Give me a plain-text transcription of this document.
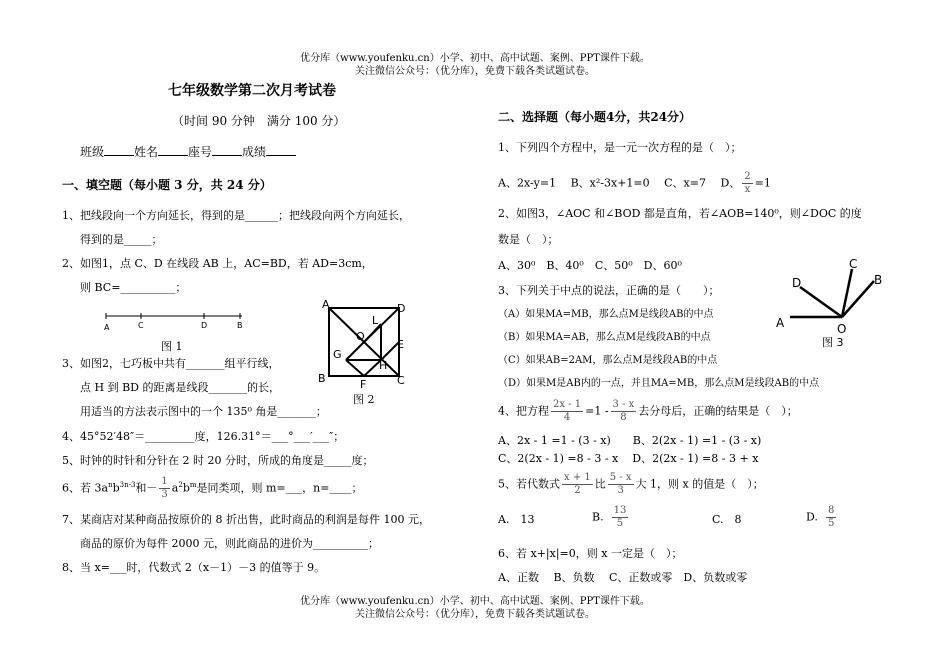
优分库（www.youfenku.cn）小学、初中、高中试题、案例、PPT课件下载。
关注微信公众号：（优分库），免费下载各类试题试卷。
七年级数学第二次月考试卷
（时间 90 分钟　满分 100 分）
班级	姓名	座号	成绩
一、填空题（每小题 3 分，共 24 分）
1、把线段向一个方向延长，得到的是______；把线段向两个方向延长，
得到的是_____；
2、如图1，点 C、D 在线段 AB 上，AC=BD，若 AD=3cm，
则 BC=__________；
A	C	D	B
图 1
3、如图2，七巧板中共有_______组平行线，
点 H 到 BD 的距离是线段_______的长，
用适当的方法表示图中的一个 135⁰ 角是_______；
A	D
L
O
G
E
H
B	F	C
图 2
4、45°52′48″＝_________度，126.31°＝___°___′___″；
5、时钟的时针和分针在 2 时 20 分时，所成的角度是_____度；
6、若 $3a^nb^{3n-3}$和－ $\frac{1}{3} a^2b^m$是同类项，则 m=___，n=____；
7、某商店对某种商品按原价的 8 折出售，此时商品的利润是每件 100 元，
商品的原价为每件 2000 元，则此商品的进价为__________；
8、当 x=___时，代数式 2（x－1）－3 的值等于 9。
二、选择题（每小题4分，共24分）
1、下列四个方程中，是一元一次方程的是（　）；
A、2x-y=1　 B、x²-3x+1=0　 C、x=7　 D、 $\frac{2}{x} =1$
2、如图3，∠AOC 和∠BOD 都是直角，若∠AOB=140⁰，则∠DOC 的度
数是（　）；
A、30⁰　B、40⁰　C、50⁰　D、60⁰	C
D	B
A	O
图 3
3、下列关于中点的说法，正确的是（　　）；
（A）如果MA=MB，那么点M是线段AB的中点
（B）如果MA=AB，那么点M是线段AB的中点
（C）如果AB=2AM，那么点M是线段AB的中点
（D）如果M是AB内的一点，并且MA=MB，那么点M是线段AB的中点
4、把方程 $\frac{2x - 1}{4} =1 - \frac{3 - x}{8}$ 去分母后，正确的结果是（　）；
A、2x - 1 =1 - (3 - x) B、2(2x - 1) =1 - (3 - x)
C、2(2x - 1) =8 - 3 - x D、2(2x - 1) =8 - 3 + x
5、若代数式 $\frac{x + 1}{2}$ 比 $\frac{5 - x}{3}$ 大 1，则 x 的值是（　）；
A.　13	B. $\frac{13}{5}$	C.　8	D. $\frac{8}{5}$
6、若 x+|x|=0，则 x 一定是（　）；
A、正数　 B、负数　 C、正数或零　D、负数或零
优分库（www.youfenku.cn）小学、初中、高中试题、案例、PPT课件下载。
关注微信公众号：（优分库），免费下载各类试题试卷。
